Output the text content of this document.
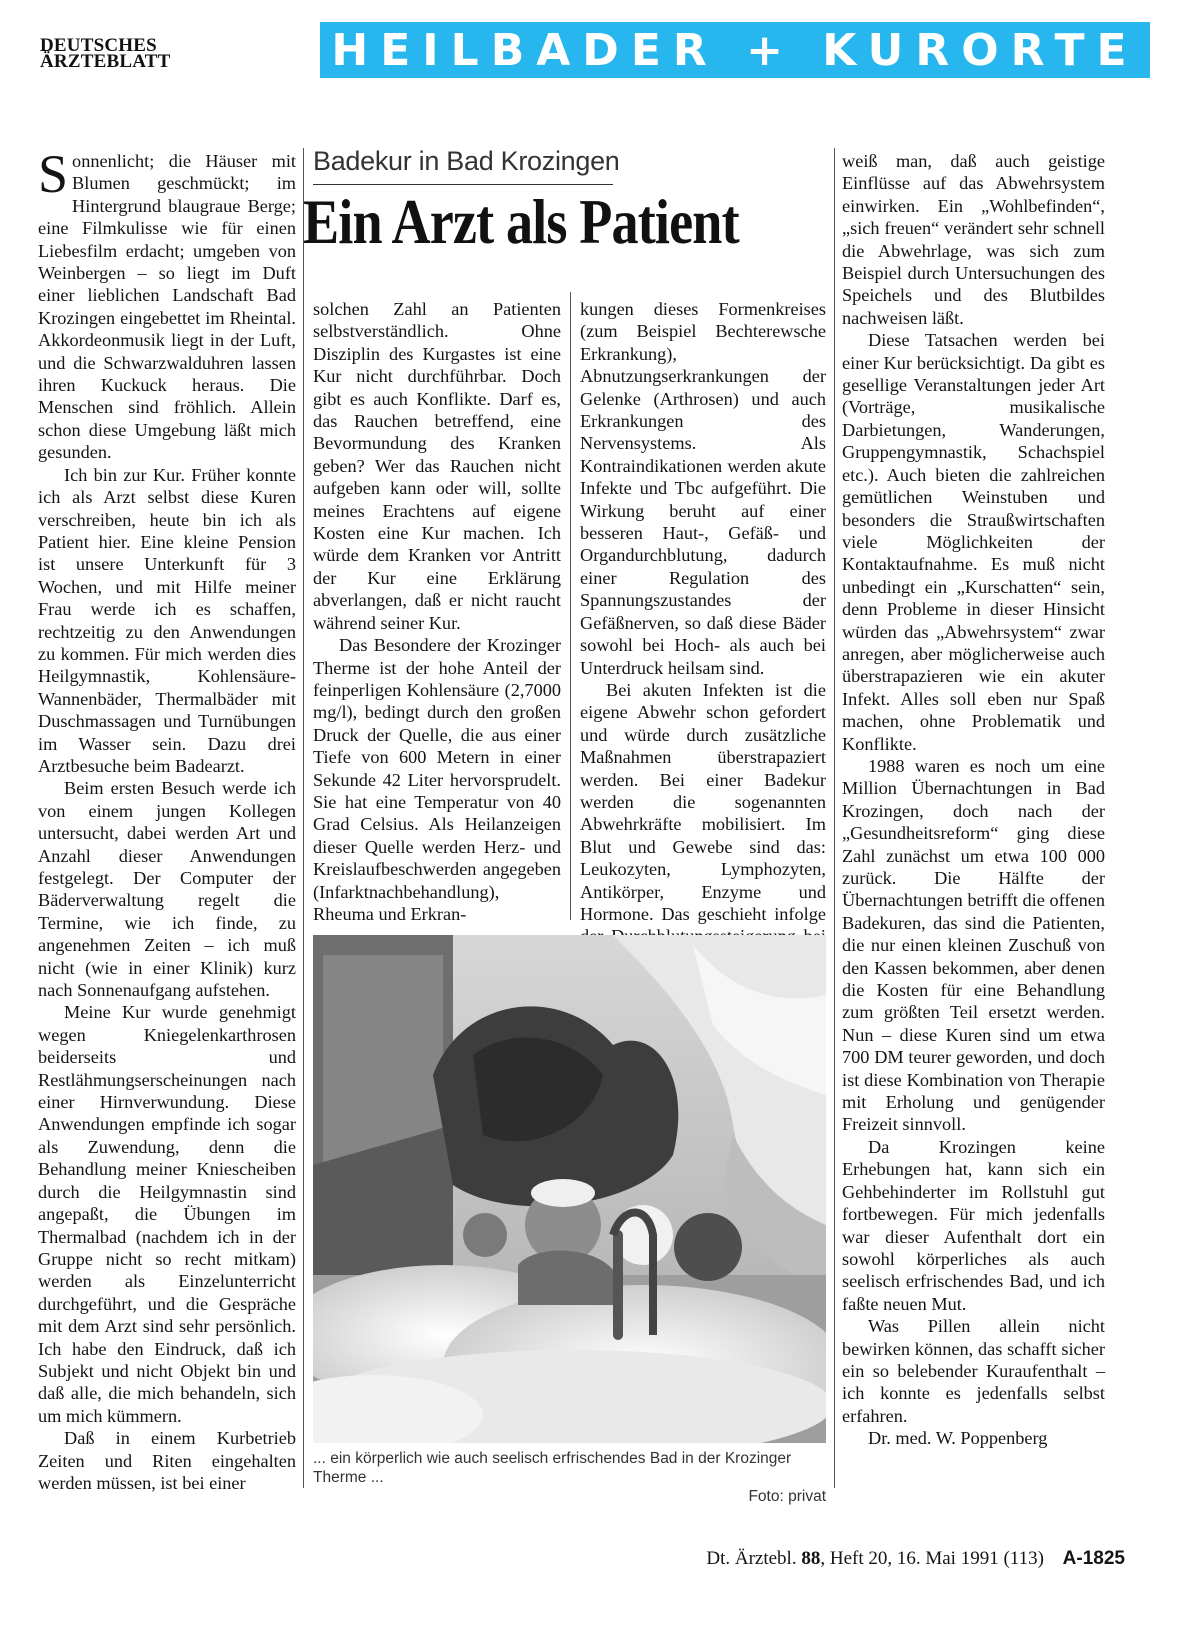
DEUTSCHES
ÄRZTEBLATT	HEILBADER + KURORTE

Sonnenlicht; die Häuser mit Blumen geschmückt; im Hintergrund blaugraue Berge; eine Filmkulisse wie für einen Liebesfilm erdacht; umgeben von Weinbergen – so liegt im Duft einer lieblichen Landschaft Bad Krozingen eingebettet im Rheintal. Akkordeonmusik liegt in der Luft, und die Schwarzwalduhren lassen ihren Kuckuck heraus. Die Menschen sind fröhlich. Allein schon diese Umgebung läßt mich gesunden.

Ich bin zur Kur. Früher konnte ich als Arzt selbst diese Kuren verschreiben, heute bin ich als Patient hier. Eine kleine Pension ist unsere Unterkunft für 3 Wochen, und mit Hilfe meiner Frau werde ich es schaffen, rechtzeitig zu den Anwendungen zu kommen. Für mich werden dies Heilgymnastik, Kohlensäure-Wannenbäder, Thermalbäder mit Duschmassagen und Turnübungen im Wasser sein. Dazu drei Arztbesuche beim Badearzt.

Beim ersten Besuch werde ich von einem jungen Kollegen untersucht, dabei werden Art und Anzahl dieser Anwendungen festgelegt. Der Computer der Bäderverwaltung regelt die Termine, wie ich finde, zu angenehmen Zeiten – ich muß nicht (wie in einer Klinik) kurz nach Sonnenaufgang aufstehen.

Meine Kur wurde genehmigt wegen Kniegelenkarthrosen beiderseits und Restlähmungserscheinungen nach einer Hirnverwundung. Diese Anwendungen empfinde ich sogar als Zuwendung, denn die Behandlung meiner Kniescheiben durch die Heilgymnastin sind angepaßt, die Übungen im Thermalbad (nachdem ich in der Gruppe nicht so recht mitkam) werden als Einzelunterricht durchgeführt, und die Gespräche mit dem Arzt sind sehr persönlich. Ich habe den Eindruck, daß ich Subjekt und nicht Objekt bin und daß alle, die mich behandeln, sich um mich kümmern.

Daß in einem Kurbetrieb Zeiten und Riten eingehalten werden müssen, ist bei einer

Badekur in Bad Krozingen
Ein Arzt als Patient

solchen Zahl an Patienten selbstverständlich. Ohne Disziplin des Kurgastes ist eine Kur nicht durchführbar. Doch gibt es auch Konflikte. Darf es, das Rauchen betreffend, eine Bevormundung des Kranken geben? Wer das Rauchen nicht aufgeben kann oder will, sollte meines Erachtens auf eigene Kosten eine Kur machen. Ich würde dem Kranken vor Antritt der Kur eine Erklärung abverlangen, daß er nicht raucht während seiner Kur.

Das Besondere der Krozinger Therme ist der hohe Anteil der feinperligen Kohlensäure (2,7000 mg/l), bedingt durch den großen Druck der Quelle, die aus einer Tiefe von 600 Metern in einer Sekunde 42 Liter hervorsprudelt. Sie hat eine Temperatur von 40 Grad Celsius. Als Heilanzeigen dieser Quelle werden Herz- und Kreislaufbeschwerden angegeben (Infarktnachbehandlung), Rheuma und Erkran-

kungen dieses Formenkreises (zum Beispiel Bechterewsche Erkrankung), Abnutzungserkrankungen der Gelenke (Arthrosen) und auch Erkrankungen des Nervensystems. Als Kontraindikationen werden akute Infekte und Tbc aufgeführt. Die Wirkung beruht auf einer besseren Haut-, Gefäß- und Organdurchblutung, dadurch einer Regulation des Spannungszustandes der Gefäßnerven, so daß diese Bäder sowohl bei Hoch- als auch bei Unterdruck heilsam sind.

Bei akuten Infekten ist die eigene Abwehr schon gefordert und würde durch zusätzliche Maßnahmen überstrapaziert werden. Bei einer Badekur werden die sogenannten Abwehrkräfte mobilisiert. Im Blut und Gewebe sind das: Leukozyten, Lymphozyten, Antikörper, Enzyme und Hormone. Das geschieht infolge

... ein körperlich wie auch seelisch erfrischendes Bad in der Krozinger Therme ...
Foto: privat

weiß man, daß auch geistige Einflüsse auf das Abwehrsystem einwirken. Ein „Wohlbefinden“, „sich freuen“ verändert sehr schnell die Abwehrlage, was sich zum Beispiel durch Untersuchungen des Speichels und des Blutbildes nachweisen läßt.

Diese Tatsachen werden bei einer Kur berücksichtigt. Da gibt es gesellige Veranstaltungen jeder Art (Vorträge, musikalische Darbietungen, Wanderungen, Gruppengymnastik, Schachspiel etc.). Auch bieten die zahlreichen gemütlichen Weinstuben und besonders die Straußwirtschaften viele Möglichkeiten der Kontaktaufnahme. Es muß nicht unbedingt ein „Kurschatten“ sein, denn Probleme in dieser Hinsicht würden das „Abwehrsystem“ zwar anregen, aber möglicherweise auch überstrapazieren wie ein akuter Infekt. Alles soll eben nur Spaß machen, ohne Problematik und Konflikte.

1988 waren es noch um eine Million Übernachtungen in Bad Krozingen, doch nach der „Gesundheitsreform“ ging diese Zahl zunächst um etwa 100 000 zurück. Die Hälfte der Übernachtungen betrifft die offenen Badekuren, das sind die Patienten, die nur einen kleinen Zuschuß von den Kassen bekommen, aber denen die Kosten für eine Behandlung zum größten Teil ersetzt werden. Nun – diese Kuren sind um etwa 700 DM teurer geworden, und doch ist diese Kombination von Therapie mit Erholung und genügender Freizeit sinnvoll.

Da Krozingen keine Erhebungen hat, kann sich ein Gehbehinderter im Rollstuhl gut fortbewegen. Für mich jedenfalls war dieser Aufenthalt dort ein sowohl körperliches als auch seelisch erfrischendes Bad, und ich faßte neuen Mut.

Was Pillen allein nicht bewirken können, das schafft sicher ein so belebender Kuraufenthalt – ich konnte es jedenfalls selbst erfahren.

Dr. med. W. Poppenberg

Dt. Ärztebl. 88, Heft 20, 16. Mai 1991 (113) A-1825
